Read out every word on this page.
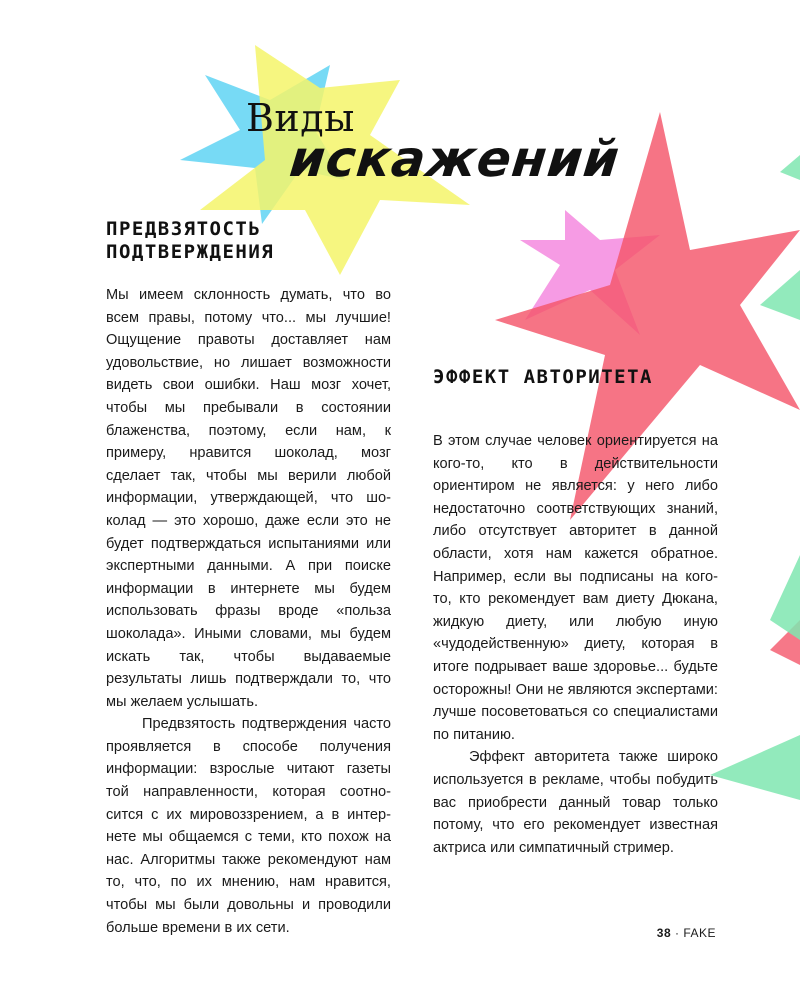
Виды
искажений
ПРЕДВЗЯТОСТЬ ПОДТВЕРЖДЕНИЯ

Мы имеем склонность думать, что во всем правы, потому что... мы лучшие! Ощущение правоты доставляет нам удовольствие, но лишает возможности видеть свои ошибки. Наш мозг хочет, чтобы мы пребывали в состоянии блаженства, поэтому, если нам, к примеру, нравится шоколад, мозг сделает так, чтобы мы верили любой информации, утверждающей, что шоколад — это хорошо, даже если это не будет подтверждаться испытаниями или экспертными данными. А при поиске информации в интернете мы будем использовать фразы вроде «польза шоколада». Иными словами, мы будем искать так, чтобы выдаваемые результаты лишь подтверждали то, что мы желаем услышать.

Предвзятость подтверждения часто проявляется в способе получения информации: взрослые читают газеты той направленности, которая соотносится с их мировоззрением, а в интернете мы общаемся с теми, кто похож на нас. Алгоритмы также рекомендуют нам то, что, по их мнению, нам нравится, чтобы мы были довольны и проводили больше времени в их сети.

ЭФФЕКТ АВТОРИТЕТА

В этом случае человек ориентируется на кого-то, кто в действительности ориентиром не является: у него либо недостаточно соответствующих знаний, либо отсутствует авторитет в данной области, хотя нам кажется обратное. Например, если вы подписаны на кого-то, кто рекомендует вам диету Дюкана, жидкую диету, или любую иную «чудодейственную» диету, которая в итоге подрывает ваше здоровье... будьте осторожны! Они не являются экспертами: лучше посоветоваться со специалистами по питанию.

Эффект авторитета также широко используется в рекламе, чтобы побудить вас приобрести данный товар только потому, что его рекомендует известная актриса или симпатичный стример.

38 · FAKE
